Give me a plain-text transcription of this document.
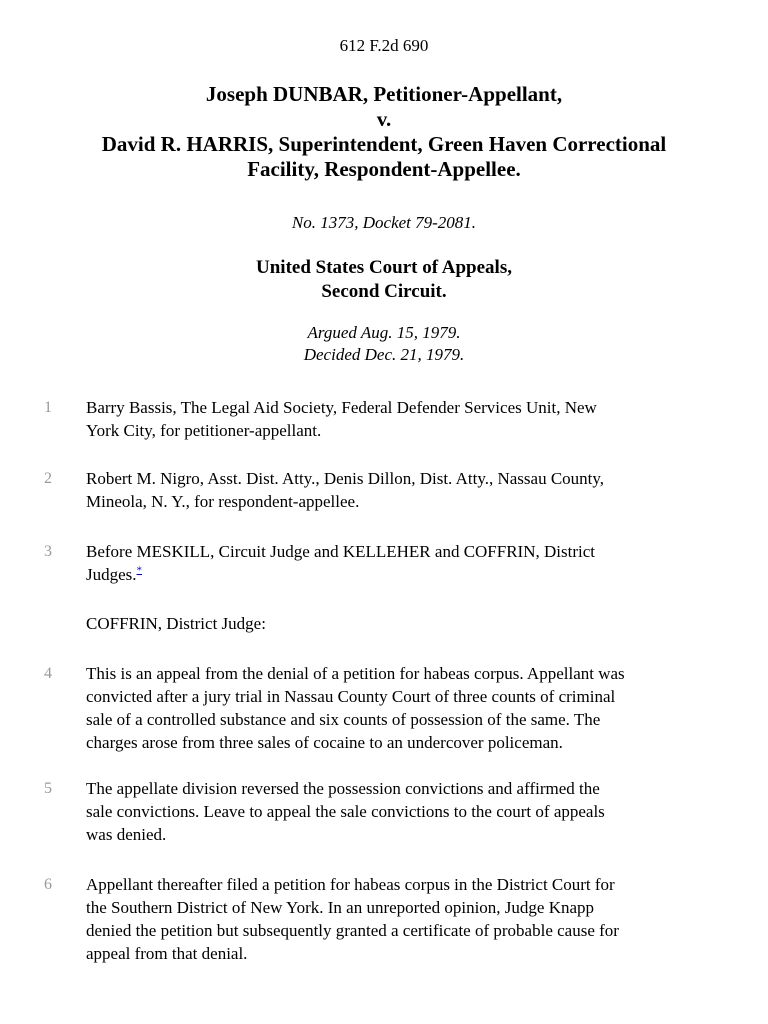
612 F.2d 690
Joseph DUNBAR, Petitioner-Appellant,
v.
David R. HARRIS, Superintendent, Green Haven Correctional
Facility, Respondent-Appellee.
No. 1373, Docket 79-2081.
United States Court of Appeals,
Second Circuit.
Argued Aug. 15, 1979.
Decided Dec. 21, 1979.
1	Barry Bassis, The Legal Aid Society, Federal Defender Services Unit, New
York City, for petitioner-appellant.
2	Robert M. Nigro, Asst. Dist. Atty., Denis Dillon, Dist. Atty., Nassau County,
Mineola, N. Y., for respondent-appellee.
3	Before MESKILL, Circuit Judge and KELLEHER and COFFRIN, District
Judges.*
COFFRIN, District Judge:
4	This is an appeal from the denial of a petition for habeas corpus. Appellant was
convicted after a jury trial in Nassau County Court of three counts of criminal
sale of a controlled substance and six counts of possession of the same. The
charges arose from three sales of cocaine to an undercover policeman.
5	The appellate division reversed the possession convictions and affirmed the
sale convictions. Leave to appeal the sale convictions to the court of appeals
was denied.
6	Appellant thereafter filed a petition for habeas corpus in the District Court for
the Southern District of New York. In an unreported opinion, Judge Knapp
denied the petition but subsequently granted a certificate of probable cause for
appeal from that denial.
